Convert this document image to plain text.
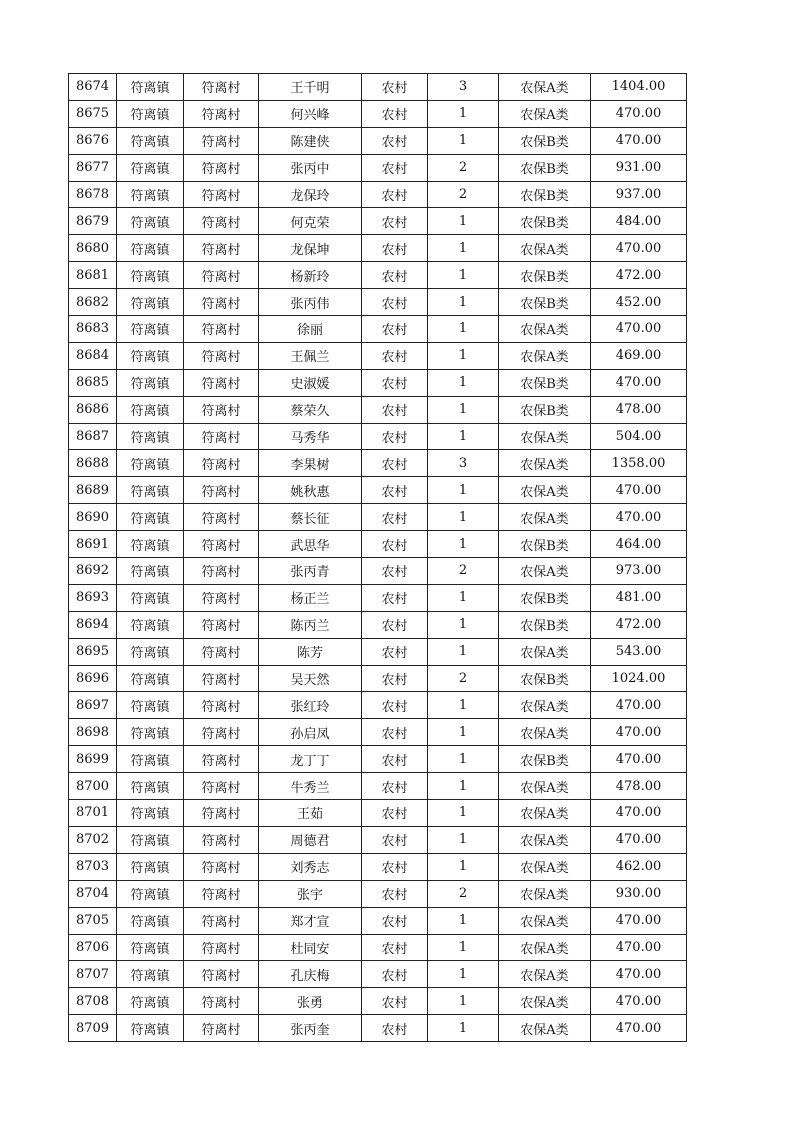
8674	符离镇	符离村	王千明	农村	3	农保A类	1404.00
8675	符离镇	符离村	何兴峰	农村	1	农保A类	470.00
8676	符离镇	符离村	陈建侠	农村	1	农保B类	470.00
8677	符离镇	符离村	张丙中	农村	2	农保B类	931.00
8678	符离镇	符离村	龙保玲	农村	2	农保B类	937.00
8679	符离镇	符离村	何克荣	农村	1	农保B类	484.00
8680	符离镇	符离村	龙保坤	农村	1	农保A类	470.00
8681	符离镇	符离村	杨新玲	农村	1	农保B类	472.00
8682	符离镇	符离村	张丙伟	农村	1	农保B类	452.00
8683	符离镇	符离村	徐丽	农村	1	农保A类	470.00
8684	符离镇	符离村	王佩兰	农村	1	农保A类	469.00
8685	符离镇	符离村	史淑媛	农村	1	农保B类	470.00
8686	符离镇	符离村	蔡荣久	农村	1	农保B类	478.00
8687	符离镇	符离村	马秀华	农村	1	农保A类	504.00
8688	符离镇	符离村	李果树	农村	3	农保A类	1358.00
8689	符离镇	符离村	姚秋惠	农村	1	农保A类	470.00
8690	符离镇	符离村	蔡长征	农村	1	农保A类	470.00
8691	符离镇	符离村	武思华	农村	1	农保B类	464.00
8692	符离镇	符离村	张丙青	农村	2	农保A类	973.00
8693	符离镇	符离村	杨正兰	农村	1	农保B类	481.00
8694	符离镇	符离村	陈丙兰	农村	1	农保B类	472.00
8695	符离镇	符离村	陈芳	农村	1	农保A类	543.00
8696	符离镇	符离村	吴天然	农村	2	农保B类	1024.00
8697	符离镇	符离村	张红玲	农村	1	农保A类	470.00
8698	符离镇	符离村	孙启凤	农村	1	农保A类	470.00
8699	符离镇	符离村	龙丁丁	农村	1	农保B类	470.00
8700	符离镇	符离村	牛秀兰	农村	1	农保A类	478.00
8701	符离镇	符离村	王茹	农村	1	农保A类	470.00
8702	符离镇	符离村	周德君	农村	1	农保A类	470.00
8703	符离镇	符离村	刘秀志	农村	1	农保A类	462.00
8704	符离镇	符离村	张宇	农村	2	农保A类	930.00
8705	符离镇	符离村	郑才宣	农村	1	农保A类	470.00
8706	符离镇	符离村	杜同安	农村	1	农保A类	470.00
8707	符离镇	符离村	孔庆梅	农村	1	农保A类	470.00
8708	符离镇	符离村	张勇	农村	1	农保A类	470.00
8709	符离镇	符离村	张丙奎	农村	1	农保A类	470.00
